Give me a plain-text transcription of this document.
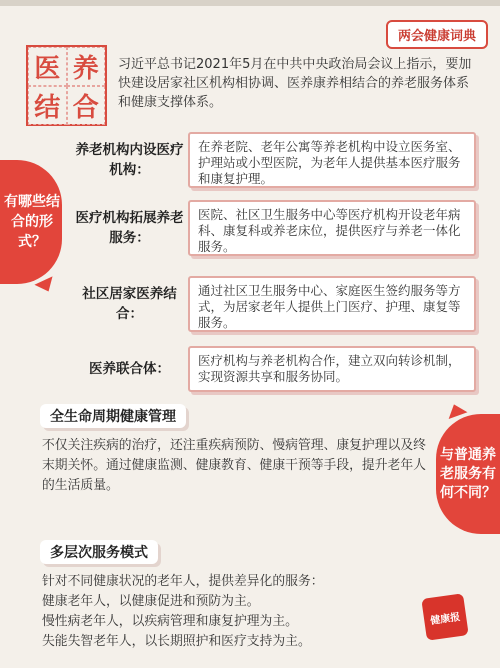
两会健康词典
医 养
结 合
习近平总书记2021年5月在中共中央政治局会议上指示，要加快建设居家社区机构相协调、医养康养相结合的养老服务体系和健康支撑体系。
有哪些结合的形式？
养老机构内设医疗机构：
在养老院、老年公寓等养老机构中设立医务室、护理站或小型医院，为老年人提供基本医疗服务和康复护理。
医疗机构拓展养老服务：
医院、社区卫生服务中心等医疗机构开设老年病科、康复科或养老床位，提供医疗与养老一体化服务。
社区居家医养结合：
通过社区卫生服务中心、家庭医生签约服务等方式，为居家老年人提供上门医疗、护理、康复等服务。
医养联合体：
医疗机构与养老机构合作，建立双向转诊机制，实现资源共享和服务协同。
全生命周期健康管理
不仅关注疾病的治疗，还注重疾病预防、慢病管理、康复护理以及终末期关怀。通过健康监测、健康教育、健康干预等手段，提升老年人的生活质量。
与普通养老服务有何不同？
多层次服务模式
针对不同健康状况的老年人，提供差异化的服务：
健康老年人，以健康促进和预防为主。
慢性病老年人，以疾病管理和康复护理为主。
失能失智老年人，以长期照护和医疗支持为主。
健康报
